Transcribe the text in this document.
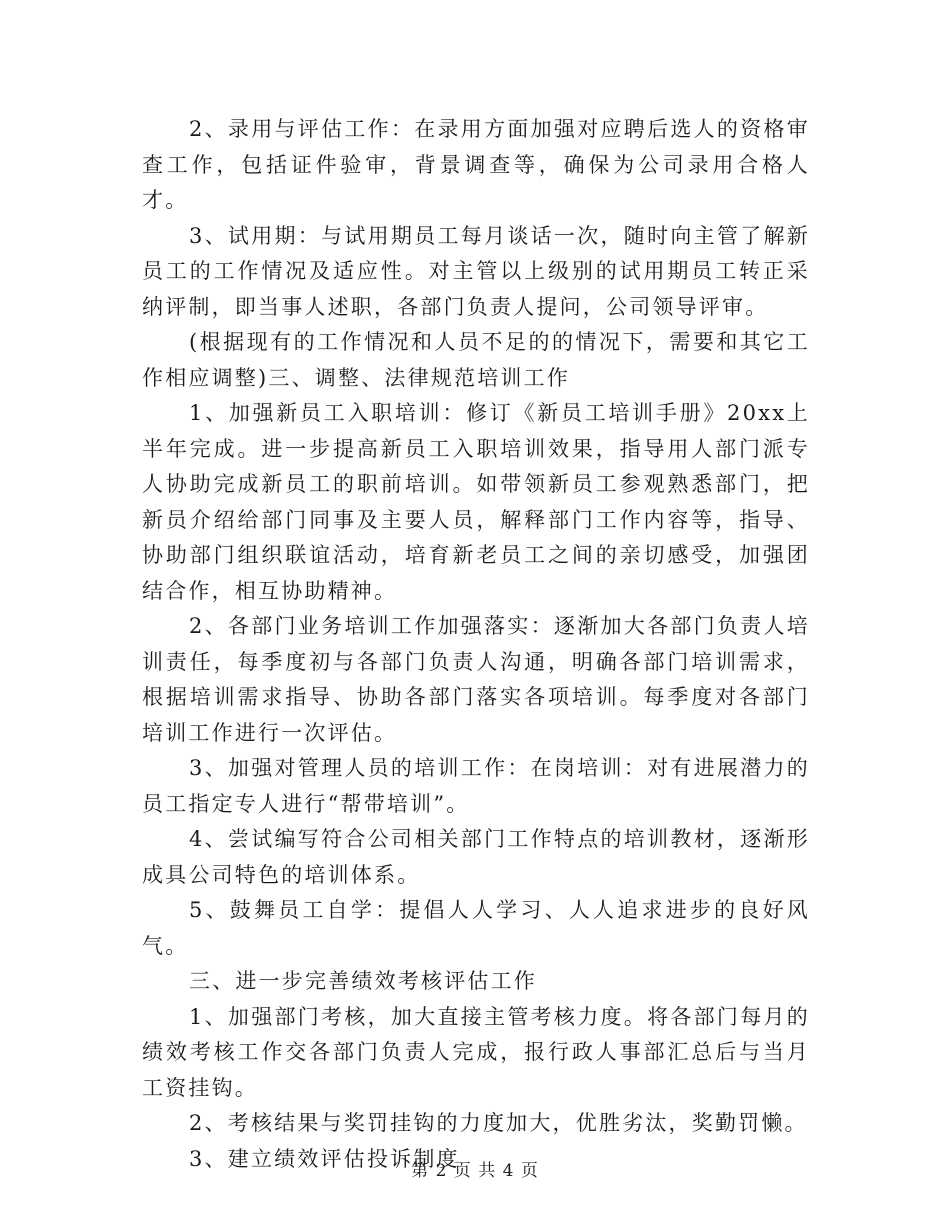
2、录用与评估工作：在录用方面加强对应聘后选人的资格审查工作，包括证件验审，背景调查等，确保为公司录用合格人才。

3、试用期：与试用期员工每月谈话一次，随时向主管了解新员工的工作情况及适应性。对主管以上级别的试用期员工转正采纳评制，即当事人述职，各部门负责人提问，公司领导评审。

(根据现有的工作情况和人员不足的的情况下，需要和其它工作相应调整)三、调整、法律规范培训工作

1、加强新员工入职培训：修订《新员工培训手册》20xx上半年完成。进一步提高新员工入职培训效果，指导用人部门派专人协助完成新员工的职前培训。如带领新员工参观熟悉部门，把新员介绍给部门同事及主要人员，解释部门工作内容等，指导、协助部门组织联谊活动，培育新老员工之间的亲切感受，加强团结合作，相互协助精神。

2、各部门业务培训工作加强落实：逐渐加大各部门负责人培训责任，每季度初与各部门负责人沟通，明确各部门培训需求，根据培训需求指导、协助各部门落实各项培训。每季度对各部门培训工作进行一次评估。

3、加强对管理人员的培训工作：在岗培训：对有进展潜力的员工指定专人进行“帮带培训”。

4、尝试编写符合公司相关部门工作特点的培训教材，逐渐形成具公司特色的培训体系。

5、鼓舞员工自学：提倡人人学习、人人追求进步的良好风气。

三、进一步完善绩效考核评估工作

1、加强部门考核，加大直接主管考核力度。将各部门每月的绩效考核工作交各部门负责人完成，报行政人事部汇总后与当月工资挂钩。

2、考核结果与奖罚挂钩的力度加大，优胜劣汰，奖勤罚懒。

3、建立绩效评估投诉制度

第 2 页 共 4 页
